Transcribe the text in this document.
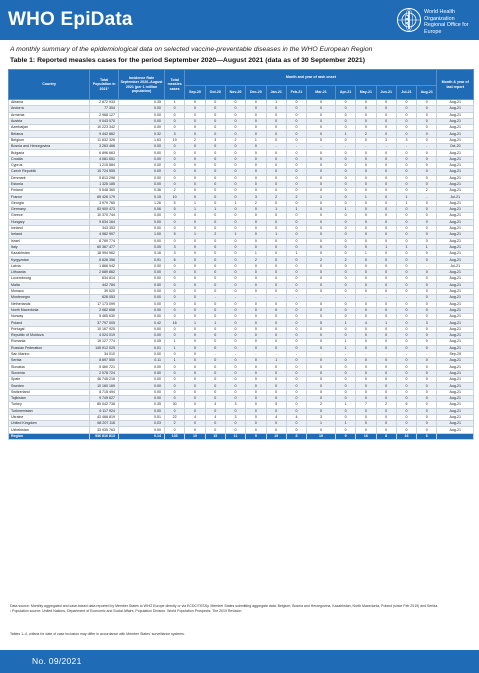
WHO EpiData	World Health
Organization
Regional Office for
Europe
A monthly summary of the epidemiological data on selected vaccine-preventable diseases in the WHO European Region
Table 1: Reported measles cases for the period September 2020—August 2021 (data as of 30 September 2021)
Country	Total Population in 2021¹	Incidence Rate September 2020–August 2021 (per 1 million population)	Total measles cases	Month and year of rash onset												Month & year of last report
				Sep-20	Oct-20	Nov-20	Dec-20	Jan-21	Feb-21	Mar-21	Apr-21	May-21	Jun-21	Jul-21	Aug-21	
Albania	2 872 933	0.35	1	0	0	0	0	1	0	0	0	0	0	0	0	Aug-21
Andorra	77 354	0.00	0	0	0	0	0	0	0	0	0	0	0	0	0	Aug-21
Armenia	2 968 127	0.00	0	0	0	0	0	0	0	0	0	0	0	0	0	Aug-21
Austria	9 043 070	0.00	0	0	0	0	0	0	0	0	0	0	0	0	0	Aug-21
Azerbaijan	10 223 342	0.00	0	0	0	0	0	0	0	0	0	0	0	0	0	Aug-21
Belarus	9 442 862	0.32	3	0	0	0	0	0	0	0	1	2	0	0	0	Aug-21
Belgium	11 632 326	1.63	19	2	3	2	1	0	0	5	0	0	3	3	0	Aug-21
Bosnia and Herzegovina	3 263 466	0.00	0	0	0	0	0	-	-	-	-	-	-	-	-	Oct-20
Bulgaria	6 896 663	0.00	0	0	0	0	0	0	0	0	0	0	0	0	0	Aug-21
Croatia	4 081 651	0.00	0	0	0	0	0	0	0	0	0	0	0	0	0	Aug-21
Cyprus	1 215 584	0.00	0	0	0	0	0	0	0	0	0	0	0	0	0	Aug-21
Czech Republic	10 724 555	0.00	0	0	0	0	0	0	0	0	0	0	0	0	0	Aug-21
Denmark	5 813 298	0.00	0	0	0	0	0	0	0	0	0	0	0	0	0	Aug-21
Estonia	1 325 185	0.00	0	0	0	0	0	0	0	0	0	0	0	0	0	Aug-21
Finland	5 548 360	0.36	2	0	0	0	0	0	0	0	0	0	0	0	2	Aug-21
France	65 426 179	0.15	10	0	0	0	3	2	2	1	0	1	0	1	-	Jul-21
Georgia	3 979 765	1.26	5	1	0	1	2	0	0	0	0	0	0	1	0	Aug-21
Germany	83 900 473	0.06	5	1	1	0	0	1	1	0	1	0	0	0	0	Aug-21
Greece	10 370 744	0.00	0	0	0	0	0	0	0	0	0	0	0	0	0	Aug-21
Hungary	9 634 164	0.00	0	0	0	0	0	0	0	0	0	0	0	0	0	Aug-21
Iceland	343 353	0.00	0	0	0	0	0	0	0	0	0	0	0	0	0	Aug-21
Ireland	4 982 907	1.00	5	1	2	1	0	1	0	0	0	0	0	0	0	Aug-21
Israel	8 789 774	0.00	0	0	0	0	0	0	0	0	0	0	0	0	0	Aug-21
Italy	60 367 477	0.05	3	0	0	0	0	0	0	0	0	0	1	1	1	Aug-21
Kazakhstan	18 994 962	0.16	3	0	0	0	1	0	1	0	0	1	0	0	0	Aug-21
Kyrgyzstan	6 628 356	0.91	6	0	0	0	2	0	0	2	2	0	0	0	0	Aug-21
Latvia	1 866 942	0.00	0	0	0	0	0	0	0	0	0	0	0	0	-	Jul-21
Lithuania	2 689 862	0.00	0	0	0	0	0	0	0	0	0	0	0	0	0	Aug-21
Luxembourg	634 814	0.00	0	0	0	0	0	0	0	0	0	0	0	0	0	Aug-21
Malta	442 784	0.00	0	0	0	0	0	0	0	0	0	0	0	0	0	Aug-21
Monaco	39 520	0.00	0	0	0	0	0	0	0	0	0	0	0	0	0	Aug-21
Montenegro	628 053	0.00	0	0	-	-	-	-	-	-	-	-	-	-	0	Aug-21
Netherlands	17 173 099	0.00	0	0	0	0	0	0	0	0	0	0	0	0	0	Aug-21
North Macedonia	2 082 658	0.00	0	0	0	0	0	0	0	0	0	0	0	0	0	Aug-21
Norway	5 465 630	0.00	0	0	0	0	0	0	0	0	0	0	0	0	0	Aug-21
Poland	37 797 005	0.42	16	1	1	0	0	0	0	5	1	4	1	0	3	Aug-21
Portugal	10 167 925	0.00	0	0	0	0	0	0	0	0	0	0	0	0	0	Aug-21
Republic of Moldova	4 024 019	0.00	0	0	0	0	0	0	0	0	0	0	0	0	0	Aug-21
Romania	19 127 774	0.05	1	0	0	0	0	0	0	0	1	0	0	0	0	Aug-21
Russian Federation	145 912 025	0.01	1	0	0	0	0	0	0	0	1	0	0	0	0	Aug-21
San Marino	34 010	0.00	0	0	-	-	-	-	-	-	-	-	-	-	-	Sep-20
Serbia	8 697 550	0.11	1	0	0	0	0	1	0	0	0	0	0	0	0	Aug-21
Slovakia	5 460 721	0.00	0	0	0	0	0	0	0	0	0	0	0	0	0	Aug-21
Slovenia	2 078 724	0.00	0	0	0	0	0	0	0	0	0	0	0	0	0	Aug-21
Spain	46 745 216	0.00	0	0	0	0	0	0	0	0	0	0	0	0	0	Aug-21
Sweden	10 160 169	0.00	0	0	0	0	0	0	0	0	0	0	0	0	0	Aug-21
Switzerland	8 715 494	0.00	0	0	0	0	0	0	0	0	0	0	0	0	0	Aug-21
Tajikistan	9 749 627	0.00	0	0	0	0	0	0	0	0	0	0	0	0	0	Aug-21
Turkey	85 042 738	0.35	30	0	4	3	0	5	0	2	1	7	2	6	0	Aug-21
Turkmenistan	6 117 924	0.00	0	0	0	0	0	0	0	0	0	0	0	0	0	Aug-21
Ukraine	43 466 819	0.51	22	4	4	3	0	4	4	3	0	0	0	0	0	Aug-21
United Kingdom	68 207 116	0.03	2	0	0	0	0	0	0	1	1	0	0	0	0	Aug-21
Uzbekistan	33 935 763	0.00	0	0	0	0	0	0	0	0	0	0	0	0	0	Aug-21
Region	936 816 813	0.14	135	10	15	11	9	15	8	19	9	16	8	16	6	
Data source: Monthly aggregated and case-based data reported by Member States to WHO Europe directly or via ECDC/TESSy. Member States submitting aggregate data: Belgium, Bosnia and Herzegovina, Kazakhstan, North Macedonia, Poland (since Feb 2019) and Serbia.
¹ Population source: United Nations, Department of Economic and Social Affairs, Population Division. World Population Prospects: The 2019 Revision.
Tables 1–4, criteria for date of case inclusion may differ in accordance with Member States' surveillance systems.
No. 09/2021
